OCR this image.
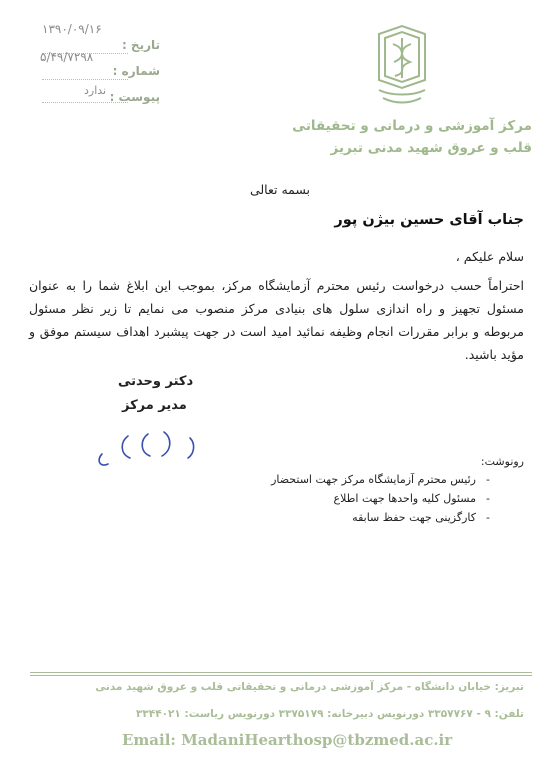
تاریخ :
۱۳۹۰/۰۹/۱۶
شماره :
۵/۴۹/۷۲۹۸
پیوست :
ندارد
مرکز آموزشی و درمانی و تحقیقاتی
قلب و عروق شهید مدنی تبریز
بسمه تعالی
جناب آقای حسین بیژن پور
سلام علیکم ،
احتراماً حسب درخواست رئیس محترم آزمایشگاه مرکز، بموجب این ابلاغ شما را به عنوان مسئول تجهیز و راه اندازی سلول های بنیادی مرکز منصوب می نمایم تا زیر نظر مسئول مربوطه و برابر مقررات انجام وظیفه نمائید امید است در جهت پیشبرد اهداف سیستم موفق و مؤید باشید.
دکتر وحدتی
مدیر مرکز
رونوشت:
-
رئیس محترم آزمایشگاه مرکز جهت استحضار
-
مسئول کلیه واحدها جهت اطلاع
-
کارگزینی جهت حفظ سابقه
تبریز: خیابان دانشگاه - مرکز آموزشی درمانی و تحقیقاتی قلب و عروق شهید مدنی
تلفن: ۹ - ۳۳۵۷۷۶۷ دورنویس دبیرخانه: ۳۳۷۵۱۷۹ دورنویس ریاست: ۳۳۴۴۰۲۱
Email: MadaniHearthosp@tbzmed.ac.ir
